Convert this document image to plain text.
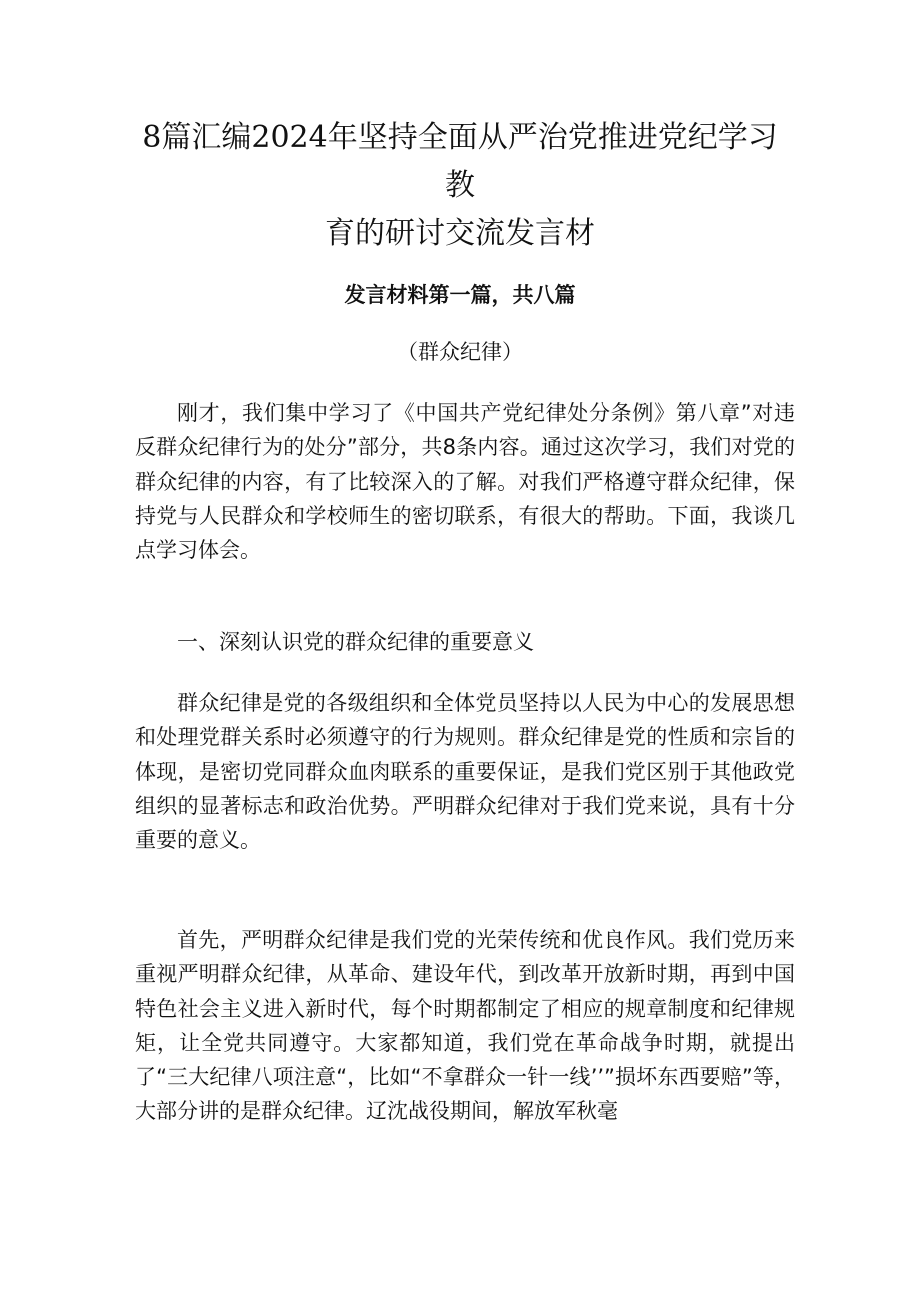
8篇汇编2024年坚持全面从严治党推进党纪学习教
育的研讨交流发言材
发言材料第一篇，共八篇
（群众纪律）
刚才，我们集中学习了《中国共产党纪律处分条例》第八章”对违反群众纪律行为的处分”部分，共8条内容。通过这次学习，我们对党的群众纪律的内容，有了比较深入的了解。对我们严格遵守群众纪律，保持党与人民群众和学校师生的密切联系，有很大的帮助。下面，我谈几点学习体会。
一、深刻认识党的群众纪律的重要意义
群众纪律是党的各级组织和全体党员坚持以人民为中心的发展思想和处理党群关系时必须遵守的行为规则。群众纪律是党的性质和宗旨的体现，是密切党同群众血肉联系的重要保证，是我们党区别于其他政党组织的显著标志和政治优势。严明群众纪律对于我们党来说，具有十分重要的意义。
首先，严明群众纪律是我们党的光荣传统和优良作风。我们党历来重视严明群众纪律，从革命、建设年代，到改革开放新时期，再到中国特色社会主义进入新时代，每个时期都制定了相应的规章制度和纪律规矩，让全党共同遵守。大家都知道，我们党在革命战争时期，就提出了“三大纪律八项注意“，比如“不拿群众一针一线’’”损坏东西要赔”等，大部分讲的是群众纪律。辽沈战役期间，解放军秋毫
